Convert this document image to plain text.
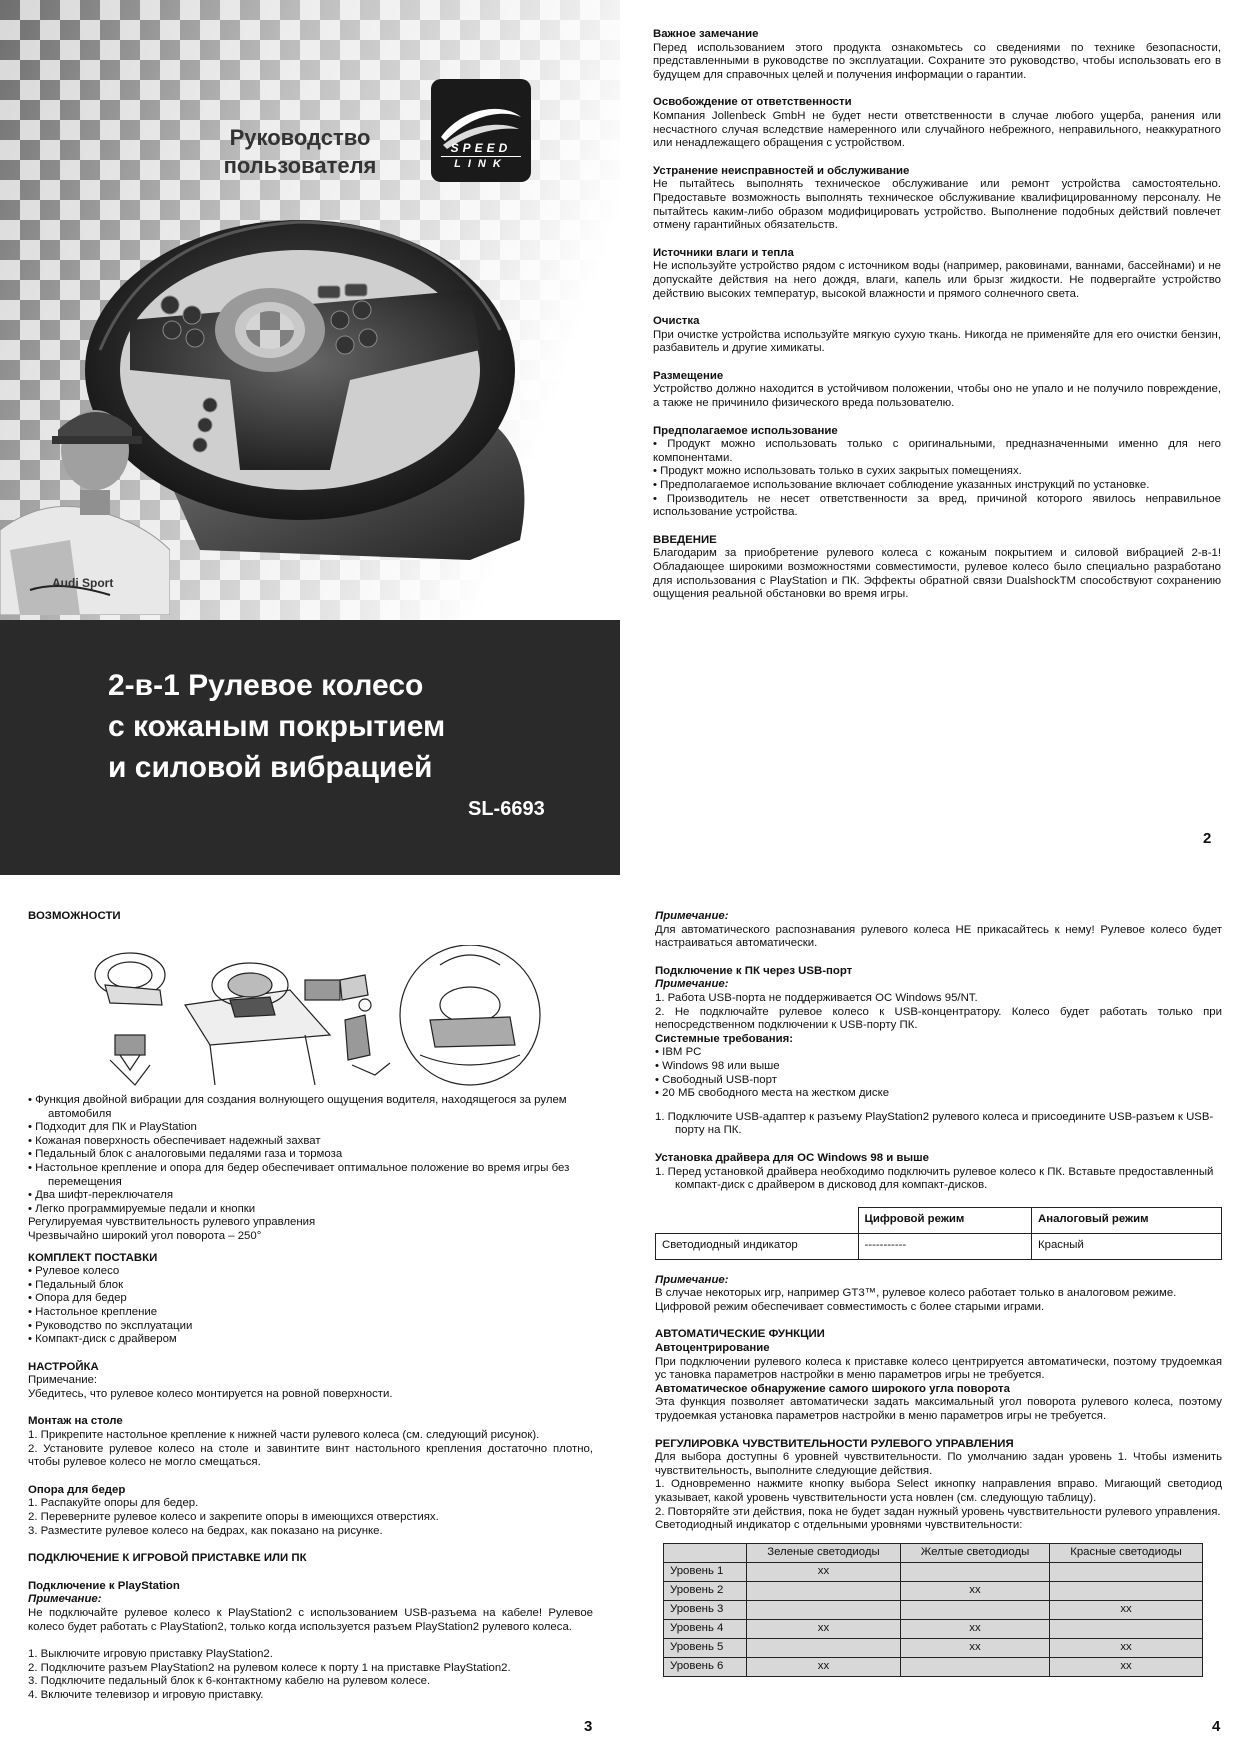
Руководство
пользователя
SPEED
LINK
Audi Sport
2-в-1 Рулевое колесо
с кожаным покрытием
и силовой вибрацией
SL-6693

Важное замечание

Перед использованием этого продукта ознакомьтесь со сведениями по технике безопасности, представленными в руководстве по эксплуатации. Сохраните это руководство, чтобы использовать его в будущем для справочных целей и получения информации о гарантии.

Освобождение от ответственности

Компания Jollenbeck GmbH не будет нести ответственности в случае любого ущерба, ранения или несчастного случая вследствие намеренного или случайного небрежного, неправильного, неаккуратного или ненадлежащего обращения с устройством.

Устранение неисправностей и обслуживание

Не пытайтесь выполнять техническое обслуживание или ремонт устройства самостоятельно. Предоставьте возможность выполнять техническое обслуживание квалифицированному персоналу. Не пытайтесь каким-либо образом модифицировать устройство. Выполнение подобных действий повлечет отмену гарантийных обязательств.

Источники влаги и тепла

Не используйте устройство рядом с источником воды (например, раковинами, ваннами, бассейнами) и не допускайте действия на него дождя, влаги, капель или брызг жидкости. Не подвергайте устройство действию высоких температур, высокой влажности и прямого солнечного света.

Очистка

При очистке устройства используйте мягкую сухую ткань. Никогда не применяйте для его очистки бензин, разбавитель и другие химикаты.

Размещение

Устройство должно находится в устойчивом положении, чтобы оно не упало и не получило повреждение, а также не причинило физического вреда пользователю.

Предполагаемое использование

• Продукт можно использовать только с оригинальными, предназначенными именно для него компонентами.

• Продукт можно использовать только в сухих закрытых помещениях.

• Предполагаемое использование включает соблюдение указанных инструкций по установке.

• Производитель не несет ответственности за вред, причиной которого явилось неправильное использование устройства.

ВВЕДЕНИЕ

Благодарим за приобретение рулевого колеса с кожаным покрытием и силовой вибрацией 2-в-1! Обладающее широкими возможностями совместимости, рулевое колесо было специально разработано для использования с PlayStation и ПК. Эффекты обратной связи DualshockTM способствуют сохранению ощущения реальной обстановки во время игры.

2
ВОЗМОЖНОСТИ

• Функция двойной вибрации для создания волнующего ощущения водителя, находящегося за рулем автомобиля

• Подходит для ПК и PlayStation

• Кожаная поверхность обеспечивает надежный захват

• Педальный блок с аналоговыми педалями газа и тормоза

• Настольное крепление и опора для бедер обеспечивает оптимальное положение во время игры без перемещения

• Два шифт-переключателя

• Легко программируемые педали и кнопки

Регулируемая чувствительность рулевого управления

Чрезвычайно широкий угол поворота – 250°

КОМПЛЕКТ ПОСТАВКИ

• Рулевое колесо

• Педальный блок

• Опора для бедер

• Настольное крепление

• Руководство по эксплуатации

• Компакт-диск с драйвером

НАСТРОЙКА

Примечание:

Убедитесь, что рулевое колесо монтируется на ровной поверхности.

Монтаж на столе

1. Прикрепите настольное крепление к нижней части рулевого колеса (см. следующий рисунок).

2. Установите рулевое колесо на столе и завинтите винт настольного крепления достаточно плотно, чтобы рулевое колесо не могло смещаться.

Опора для бедер

1. Распакуйте опоры для бедер.

2. Переверните рулевое колесо и закрепите опоры в имеющихся отверстиях.

3. Разместите рулевое колесо на бедрах, как показано на рисунке.

ПОДКЛЮЧЕНИЕ К ИГРОВОЙ ПРИСТАВКЕ ИЛИ ПК

Подключение к PlayStation

Примечание:

Не подключайте рулевое колесо к PlayStation2 с использованием USB-разъема на кабеле! Рулевое колесо будет работать с PlayStation2, только когда используется разъем PlayStation2 рулевого колеса.

1. Выключите игровую приставку PlayStation2.

2. Подключите разъем PlayStation2 на рулевом колесе к порту 1 на приставке PlayStation2.

3. Подключите педальный блок к 6-контактному кабелю на рулевом колесе.

4. Включите телевизор и игровую приставку.

3

Примечание:

Для автоматического распознавания рулевого колеса НЕ прикасайтесь к нему! Рулевое колесо будет настраиваться автоматически.

Подключение к ПК через USB-порт

Примечание:

1. Работа USB-порта не поддерживается ОС Windows 95/NT.

2. Не подключайте рулевое колесо к USB-концентратору. Колесо будет работать только при непосредственном подключении к USB-порту ПК.

Системные требования:

• IBM PC

• Windows 98 или выше

• Свободный USB-порт

• 20 МБ свободного места на жестком диске

1. Подключите USB-адаптер к разъему PlayStation2 рулевого колеса и присоедините USB-разъем к USB-порту на ПК.

Установка драйвера для ОС Windows 98 и выше

1. Перед установкой драйвера необходимо подключить рулевое колесо к ПК. Вставьте предоставленный компакт-диск с драйвером в дисковод для компакт-дисков.

	Цифровой режим	Аналоговый режим
Светодиодный индикатор	-----------	Красный

Примечание:

В случае некоторых игр, например GT3™, рулевое колесо работает только в аналоговом режиме. Цифровой режим обеспечивает совместимость с более старыми играми.

АВТОМАТИЧЕСКИЕ ФУНКЦИИ

Автоцентрирование

При подключении рулевого колеса к приставке колесо центрируется автоматически, поэтому трудоемкая ус тановка параметров настройки в меню параметров игры не требуется.

Автоматическое обнаружение самого широкого угла поворота

Эта функция позволяет автоматически задать максимальный угол поворота рулевого колеса, поэтому трудоемкая установка параметров настройки в меню параметров игры не требуется.

РЕГУЛИРОВКА ЧУВСТВИТЕЛЬНОСТИ РУЛЕВОГО УПРАВЛЕНИЯ

Для выбора доступны 6 уровней чувствительности. По умолчанию задан уровень 1. Чтобы изменить чувствительность, выполните следующие действия.

1. Одновременно нажмите кнопку выбора Select икнопку направления вправо. Мигающий светодиод указывает, какой уровень чувствительности уста новлен (см. следующую таблицу).

2. Повторяйте эти действия, пока не будет задан нужный уровень чувствительности рулевого управления.

Светодиодный индикатор с отдельными уровнями чувствительности:

	Зеленые светодиоды	Желтые светодиоды	Красные светодиоды
Уровень 1	xx		
Уровень 2		xx	
Уровень 3			xx
Уровень 4	xx	xx	
Уровень 5		xx	xx
Уровень 6	xx		xx
4
